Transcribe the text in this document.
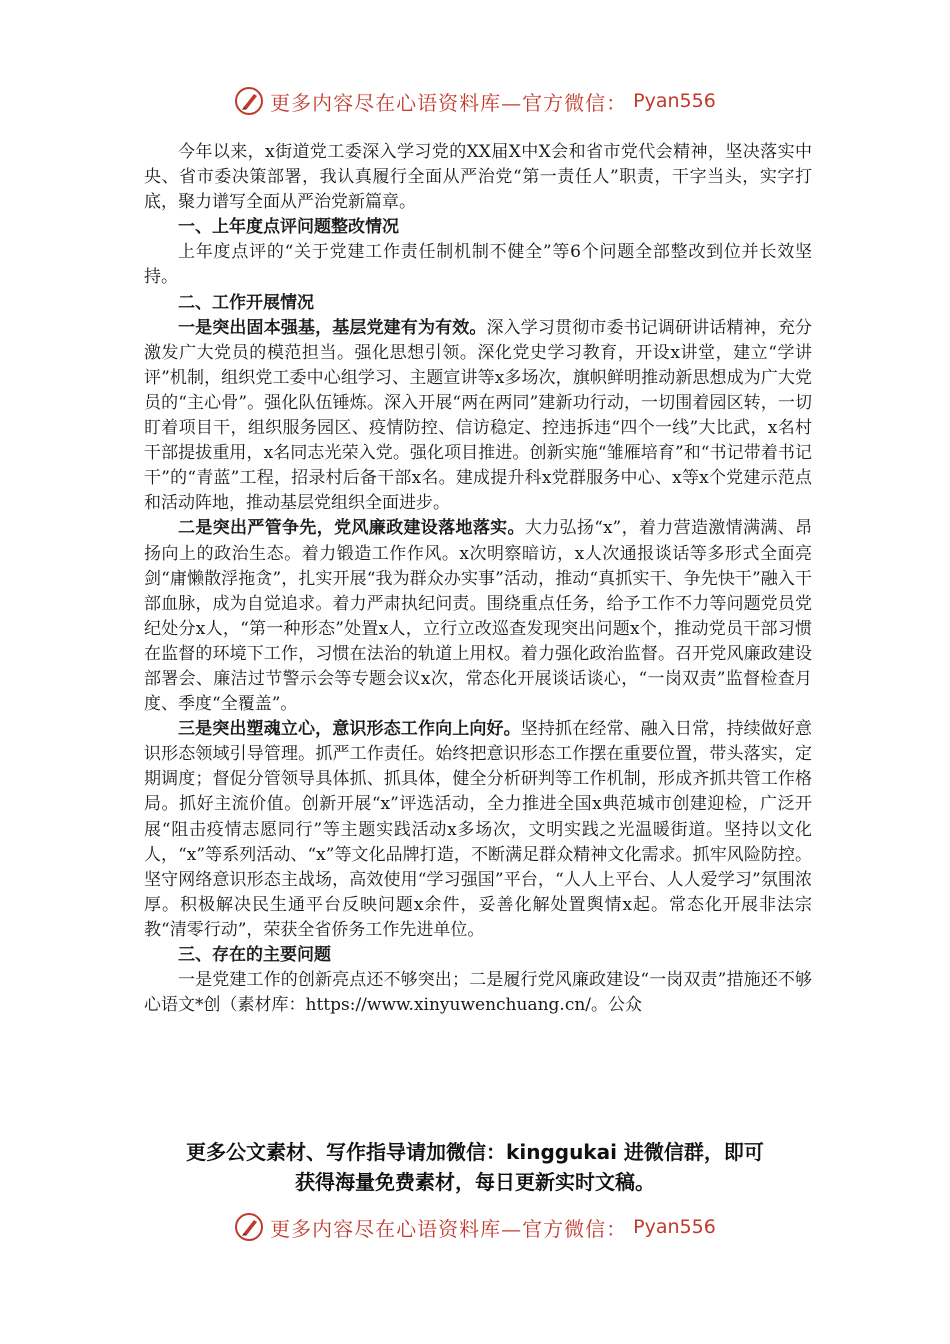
更多内容尽在心语资料库—官方微信： Pyan556

今年以来，x街道党工委深入学习党的XX届X中X会和省市党代会精神，坚决落实中央、省市委决策部署，我认真履行全面从严治党“第一责任人”职责，干字当头，实字打底，聚力谱写全面从严治党新篇章。

一、上年度点评问题整改情况

上年度点评的“关于党建工作责任制机制不健全”等6个问题全部整改到位并长效坚持。

二、工作开展情况

一是突出固本强基，基层党建有为有效。深入学习贯彻市委书记调研讲话精神，充分激发广大党员的模范担当。强化思想引领。深化党史学习教育，开设x讲堂，建立“学讲评”机制，组织党工委中心组学习、主题宣讲等x多场次，旗帜鲜明推动新思想成为广大党员的“主心骨”。强化队伍锤炼。深入开展“两在两同”建新功行动，一切围着园区转，一切盯着项目干，组织服务园区、疫情防控、信访稳定、控违拆违“四个一线”大比武，x名村干部提拔重用，x名同志光荣入党。强化项目推进。创新实施“雏雁培育”和“书记带着书记干”的“青蓝”工程，招录村后备干部x名。建成提升科x党群服务中心、x等x个党建示范点和活动阵地，推动基层党组织全面进步。

二是突出严管争先，党风廉政建设落地落实。大力弘扬“x”，着力营造激情满满、昂扬向上的政治生态。着力锻造工作作风。x次明察暗访，x人次通报谈话等多形式全面亮剑“庸懒散浮拖贪”，扎实开展“我为群众办实事”活动，推动“真抓实干、争先快干”融入干部血脉，成为自觉追求。着力严肃执纪问责。围绕重点任务，给予工作不力等问题党员党纪处分x人，“第一种形态”处置x人，立行立改巡查发现突出问题x个，推动党员干部习惯在监督的环境下工作，习惯在法治的轨道上用权。着力强化政治监督。召开党风廉政建设部署会、廉洁过节警示会等专题会议x次，常态化开展谈话谈心，“一岗双责”监督检查月度、季度“全覆盖”。

三是突出塑魂立心，意识形态工作向上向好。坚持抓在经常、融入日常，持续做好意识形态领域引导管理。抓严工作责任。始终把意识形态工作摆在重要位置，带头落实，定期调度；督促分管领导具体抓、抓具体，健全分析研判等工作机制，形成齐抓共管工作格局。抓好主流价值。创新开展“x”评选活动，全力推进全国x典范城市创建迎检，广泛开展“阻击疫情志愿同行”等主题实践活动x多场次，文明实践之光温暖街道。坚持以文化人，“x”等系列活动、“x”等文化品牌打造，不断满足群众精神文化需求。抓牢风险防控。坚守网络意识形态主战场，高效使用“学习强国”平台，“人人上平台、人人爱学习”氛围浓厚。积极解决民生通平台反映问题x余件，妥善化解处置舆情x起。常态化开展非法宗教“清零行动”，荣获全省侨务工作先进单位。

三、存在的主要问题

一是党建工作的创新亮点还不够突出；二是履行党风廉政建设“一岗双责”措施还不够心语文*创（素材库：https://www.xinyuwenchuang.cn/。公众

更多公文素材、写作指导请加微信：kinggukai 进微信群，即可
获得海量免费素材，每日更新实时文稿。
更多内容尽在心语资料库—官方微信： Pyan556
